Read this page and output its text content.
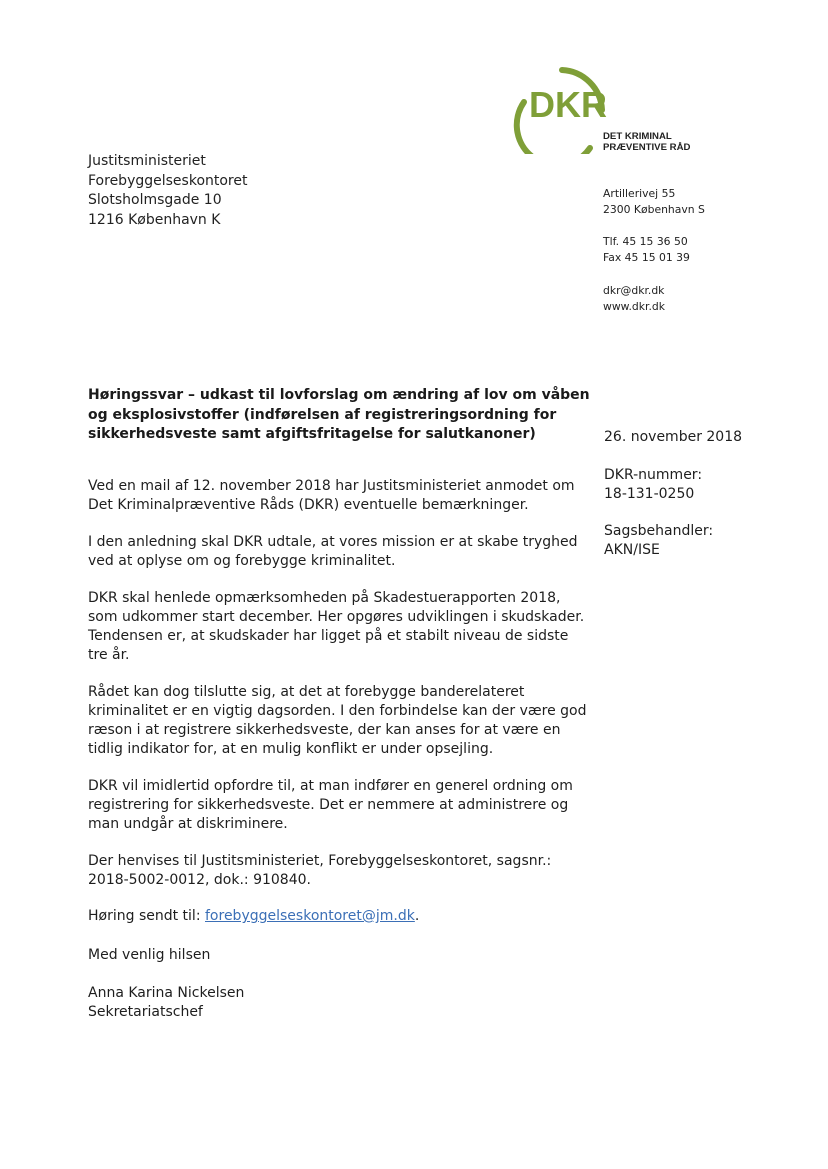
DKR
DET KRIMINAL
PRÆVENTIVE RÅD
Justitsministeriet
Forebyggelseskontoret
Slotsholmsgade 10
1216 København K
Artillerivej 55
2300 København S
Tlf. 45 15 36 50
Fax 45 15 01 39
dkr@dkr.dk
www.dkr.dk
Høringssvar – udkast til lovforslag om ændring af lov om våben og eksplosivstoffer (indførelsen af registreringsordning for sikkerhedsveste samt afgiftsfritagelse for salutkanoner)	26. november 2018
DKR-nummer:
18-131-0250
Sagsbehandler:
AKN/ISE
Ved en mail af 12. november 2018 har Justitsministeriet anmodet om Det Kriminalpræventive Råds (DKR) eventuelle bemærkninger.
I den anledning skal DKR udtale, at vores mission er at skabe tryghed ved at oplyse om og forebygge kriminalitet.
DKR skal henlede opmærksomheden på Skadestuerapporten 2018, som udkommer start december. Her opgøres udviklingen i skudskader. Tendensen er, at skudskader har ligget på et stabilt niveau de sidste tre år.
Rådet kan dog tilslutte sig, at det at forebygge banderelateret kriminalitet er en vigtig dagsorden. I den forbindelse kan der være god ræson i at registrere sikkerhedsveste, der kan anses for at være en tidlig indikator for, at en mulig konflikt er under opsejling.
DKR vil imidlertid opfordre til, at man indfører en generel ordning om registrering for sikkerhedsveste. Det er nemmere at administrere og man undgår at diskriminere.
Der henvises til Justitsministeriet, Forebyggelseskontoret, sagsnr.: 2018-5002-0012, dok.: 910840.
Høring sendt til: forebyggelseskontoret@jm.dk.
Med venlig hilsen
Anna Karina Nickelsen
Sekretariatschef
